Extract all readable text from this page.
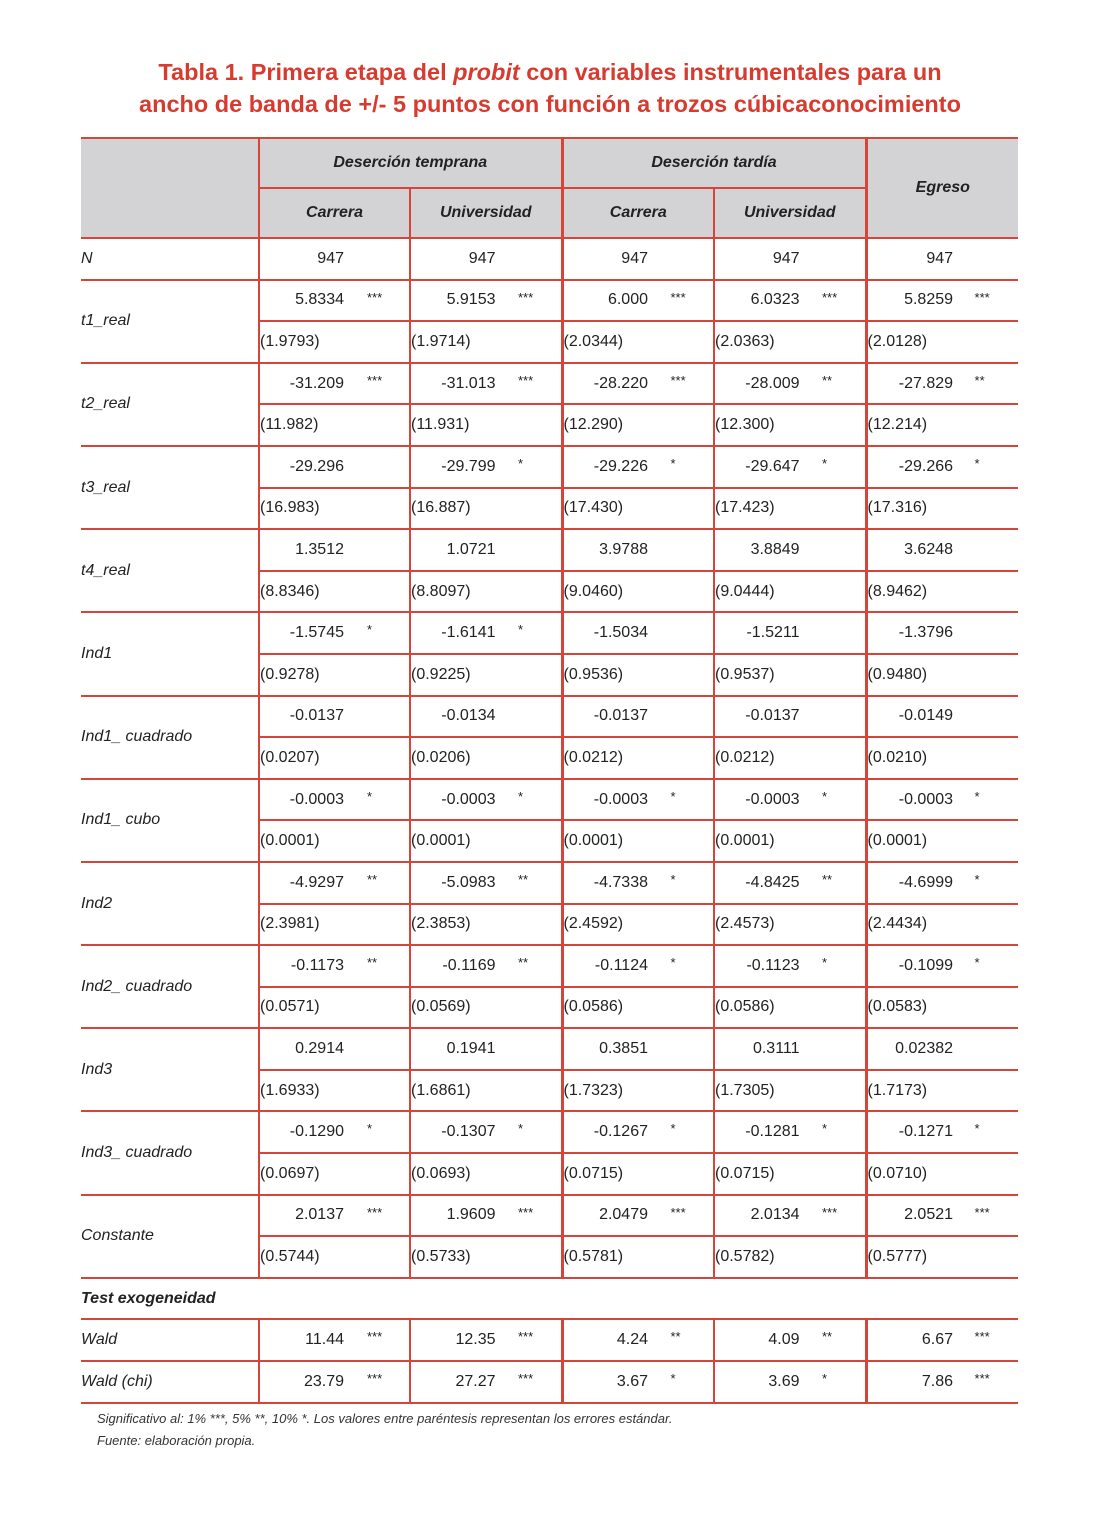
Tabla 1. Primera etapa del probit con variables instrumentales para un
ancho de banda de +/- 5 puntos con función a trozos cúbicaconocimiento
	Deserción temprana		Deserción tardía		Egreso
	Carrera	Universidad	Carrera	Universidad	
N	947	947	947	947	947

t1_real	5.8334 ***	5.9153 ***	6.000 ***	6.0323 ***	5.8259 ***

	(1.9793)	(1.9714)	(2.0344)	(2.0363)	(2.0128)
t2_real	-31.209 ***	-31.013 ***	-28.220 ***	-28.009 **	-27.829 **

	(11.982)	(11.931)	(12.290)	(12.300)	(12.214)
t3_real	-29.296	-29.799 *	-29.226 *	-29.647 *	-29.266 *

	(16.983)	(16.887)	(17.430)	(17.423)	(17.316)
t4_real	1.3512	1.0721	3.9788	3.8849	3.6248

	(8.8346)	(8.8097)	(9.0460)	(9.0444)	(8.9462)
Ind1	-1.5745 *	-1.6141 *	-1.5034	-1.5211	-1.3796

	(0.9278)	(0.9225)	(0.9536)	(0.9537)	(0.9480)
Ind1_ cuadrado	-0.0137	-0.0134	-0.0137	-0.0137	-0.0149

	(0.0207)	(0.0206)	(0.0212)	(0.0212)	(0.0210)
Ind1_ cubo	-0.0003 *	-0.0003 *	-0.0003 *	-0.0003 *	-0.0003 *

	(0.0001)	(0.0001)	(0.0001)	(0.0001)	(0.0001)
Ind2	-4.9297 **	-5.0983 **	-4.7338 *	-4.8425 **	-4.6999 *

	(2.3981)	(2.3853)	(2.4592)	(2.4573)	(2.4434)
Ind2_ cuadrado	-0.1173 **	-0.1169 **	-0.1124 *	-0.1123 *	-0.1099 *

	(0.0571)	(0.0569)	(0.0586)	(0.0586)	(0.0583)
Ind3	0.2914	0.1941	0.3851	0.3111	0.02382

	(1.6933)	(1.6861)	(1.7323)	(1.7305)	(1.7173)
Ind3_ cuadrado	-0.1290 *	-0.1307 *	-0.1267 *	-0.1281 *	-0.1271 *

	(0.0697)	(0.0693)	(0.0715)	(0.0715)	(0.0710)
Constante	2.0137 ***	1.9609 ***	2.0479 ***	2.0134 ***	2.0521 ***

	(0.5744)	(0.5733)	(0.5781)	(0.5782)	(0.5777)
Test exogeneidad					
Wald	11.44 ***	12.35 ***	4.24 **	4.09 **	6.67 ***

Wald (chi)	23.79 ***	27.27 ***	3.67 *	3.69 *	7.86 ***
Significativo al: 1% ***, 5% **, 10% *. Los valores entre paréntesis representan los errores estándar.
Fuente: elaboración propia.
